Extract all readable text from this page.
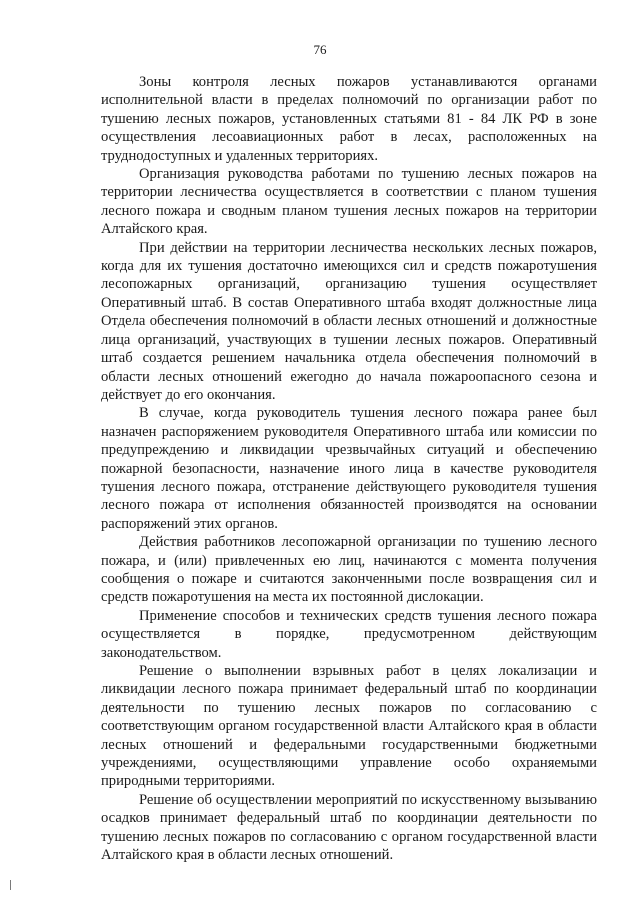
76

Зоны контроля лесных пожаров устанавливаются органами исполнительной власти в пределах полномочий по организации работ по тушению лесных пожаров, установленных статьями 81 - 84 ЛК РФ в зоне осуществления лесоавиационных работ в лесах, расположенных на труднодоступных и удаленных территориях.

Организация руководства работами по тушению лесных пожаров на территории лесничества осуществляется в соответствии с планом тушения лесного пожара и сводным планом тушения лесных пожаров на территории Алтайского края.

При действии на территории лесничества нескольких лесных пожаров, когда для их тушения достаточно имеющихся сил и средств пожаротушения лесопожарных организаций, организацию тушения осуществляет Оперативный штаб. В состав Оперативного штаба входят должностные лица Отдела обеспечения полномочий в области лесных отношений и должностные лица организаций, участвующих в тушении лесных пожаров. Оперативный штаб создается решением начальника отдела обеспечения полномочий в области лесных отношений ежегодно до начала пожароопасного сезона и действует до его окончания.

В случае, когда руководитель тушения лесного пожара ранее был назначен распоряжением руководителя Оперативного штаба или комиссии по предупреждению и ликвидации чрезвычайных ситуаций и обеспечению пожарной безопасности, назначение иного лица в качестве руководителя тушения лесного пожара, отстранение действующего руководителя тушения лесного пожара от исполнения обязанностей производятся на основании распоряжений этих органов.

Действия работников лесопожарной организации по тушению лесного пожара, и (или) привлеченных ею лиц, начинаются с момента получения сообщения о пожаре и считаются законченными после возвращения сил и средств пожаротушения на места их постоянной дислокации.

Применение способов и технических средств тушения лесного пожара осуществляется в порядке, предусмотренном действующим законодательством.

Решение о выполнении взрывных работ в целях локализации и ликвидации лесного пожара принимает федеральный штаб по координации деятельности по тушению лесных пожаров по согласованию с соответствующим органом государственной власти Алтайского края в области лесных отношений и федеральными государственными бюджетными учреждениями, осуществляющими управление особо охраняемыми природными территориями.

Решение об осуществлении мероприятий по искусственному вызыванию осадков принимает федеральный штаб по координации деятельности по тушению лесных пожаров по согласованию с органом государственной власти Алтайского края в области лесных отношений.
